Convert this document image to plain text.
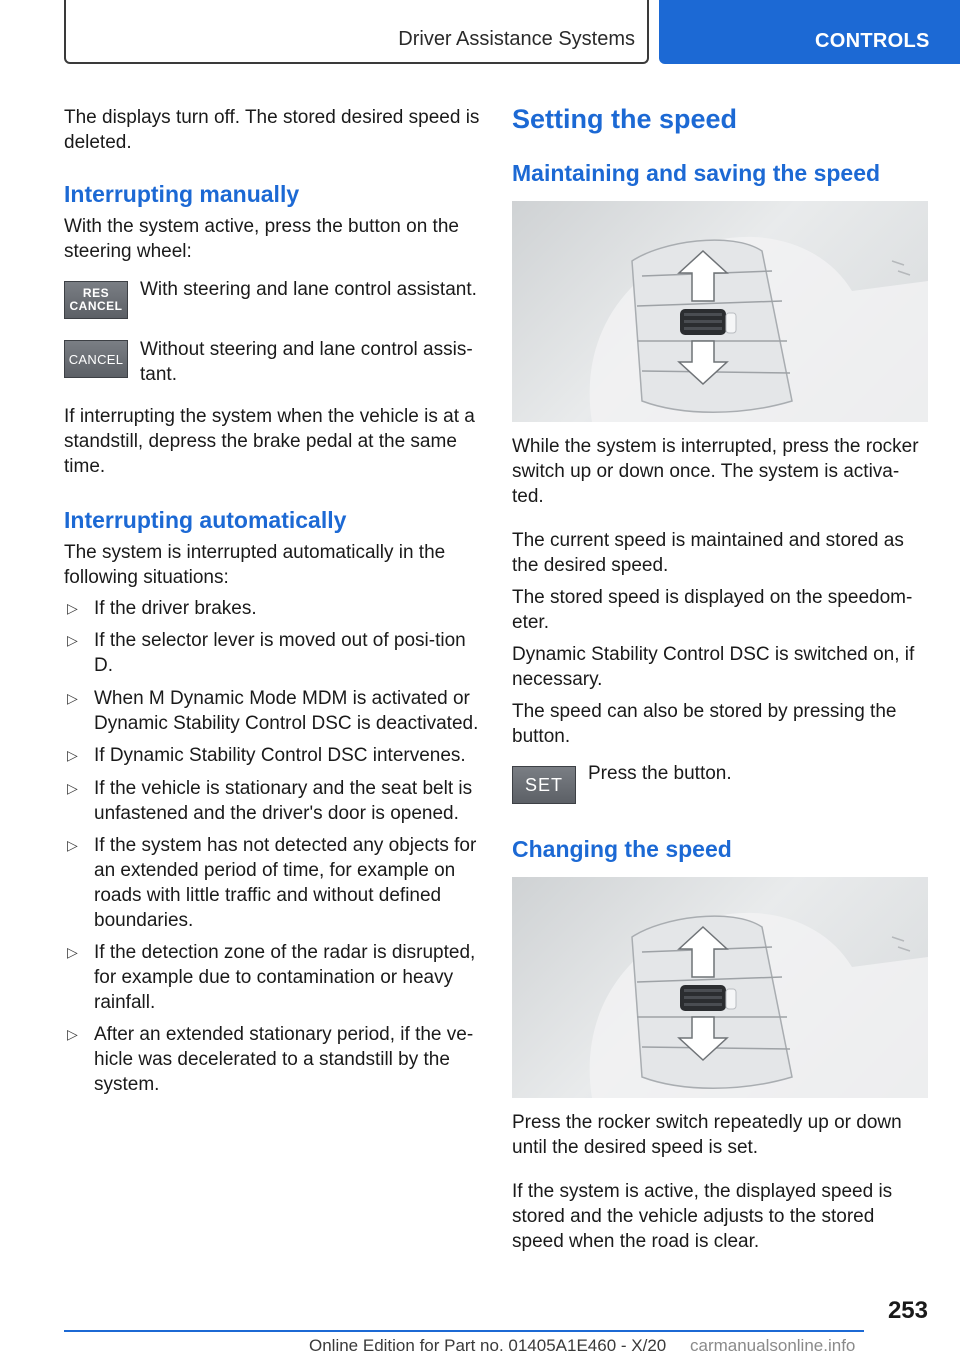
Driver Assistance Systems	CONTROLS

The displays turn off. The stored desired speed is deleted.

Interrupting manually

With the system active, press the button on the steering wheel:

RES
CANCEL

With steering and lane control assistant.

CANCEL Without steering and lane control assis‐tant.

If interrupting the system when the vehicle is at a standstill, depress the brake pedal at the same time.

Interrupting automatically

The system is interrupted automatically in the following situations:

▷ If the driver brakes.
▷ If the selector lever is moved out of posi‐tion D.
▷ When M Dynamic Mode MDM is activated or Dynamic Stability Control DSC is deactivated.
▷ If Dynamic Stability Control DSC intervenes.
▷ If the vehicle is stationary and the seat belt is unfastened and the driver's door is opened.
▷ If the system has not detected any objects for an extended period of time, for example on roads with little traffic and without defined boundaries.
▷ If the detection zone of the radar is disrupted, for example due to contamination or heavy rainfall.
▷ After an extended stationary period, if the ve‐hicle was decelerated to a standstill by the system.
Setting the speed
Maintaining and saving the speed

While the system is interrupted, press the rocker switch up or down once. The system is activa‐ted.

The current speed is maintained and stored as the desired speed.

The stored speed is displayed on the speedom‐eter.

Dynamic Stability Control DSC is switched on, if necessary.

The speed can also be stored by pressing the button.

SET

Press the button.

Changing the speed

Press the rocker switch repeatedly up or down until the desired speed is set.

If the system is active, the displayed speed is stored and the vehicle adjusts to the stored speed when the road is clear.

253
Online Edition for Part no. 01405A1E460 - X/20 carmanualsonline.info
